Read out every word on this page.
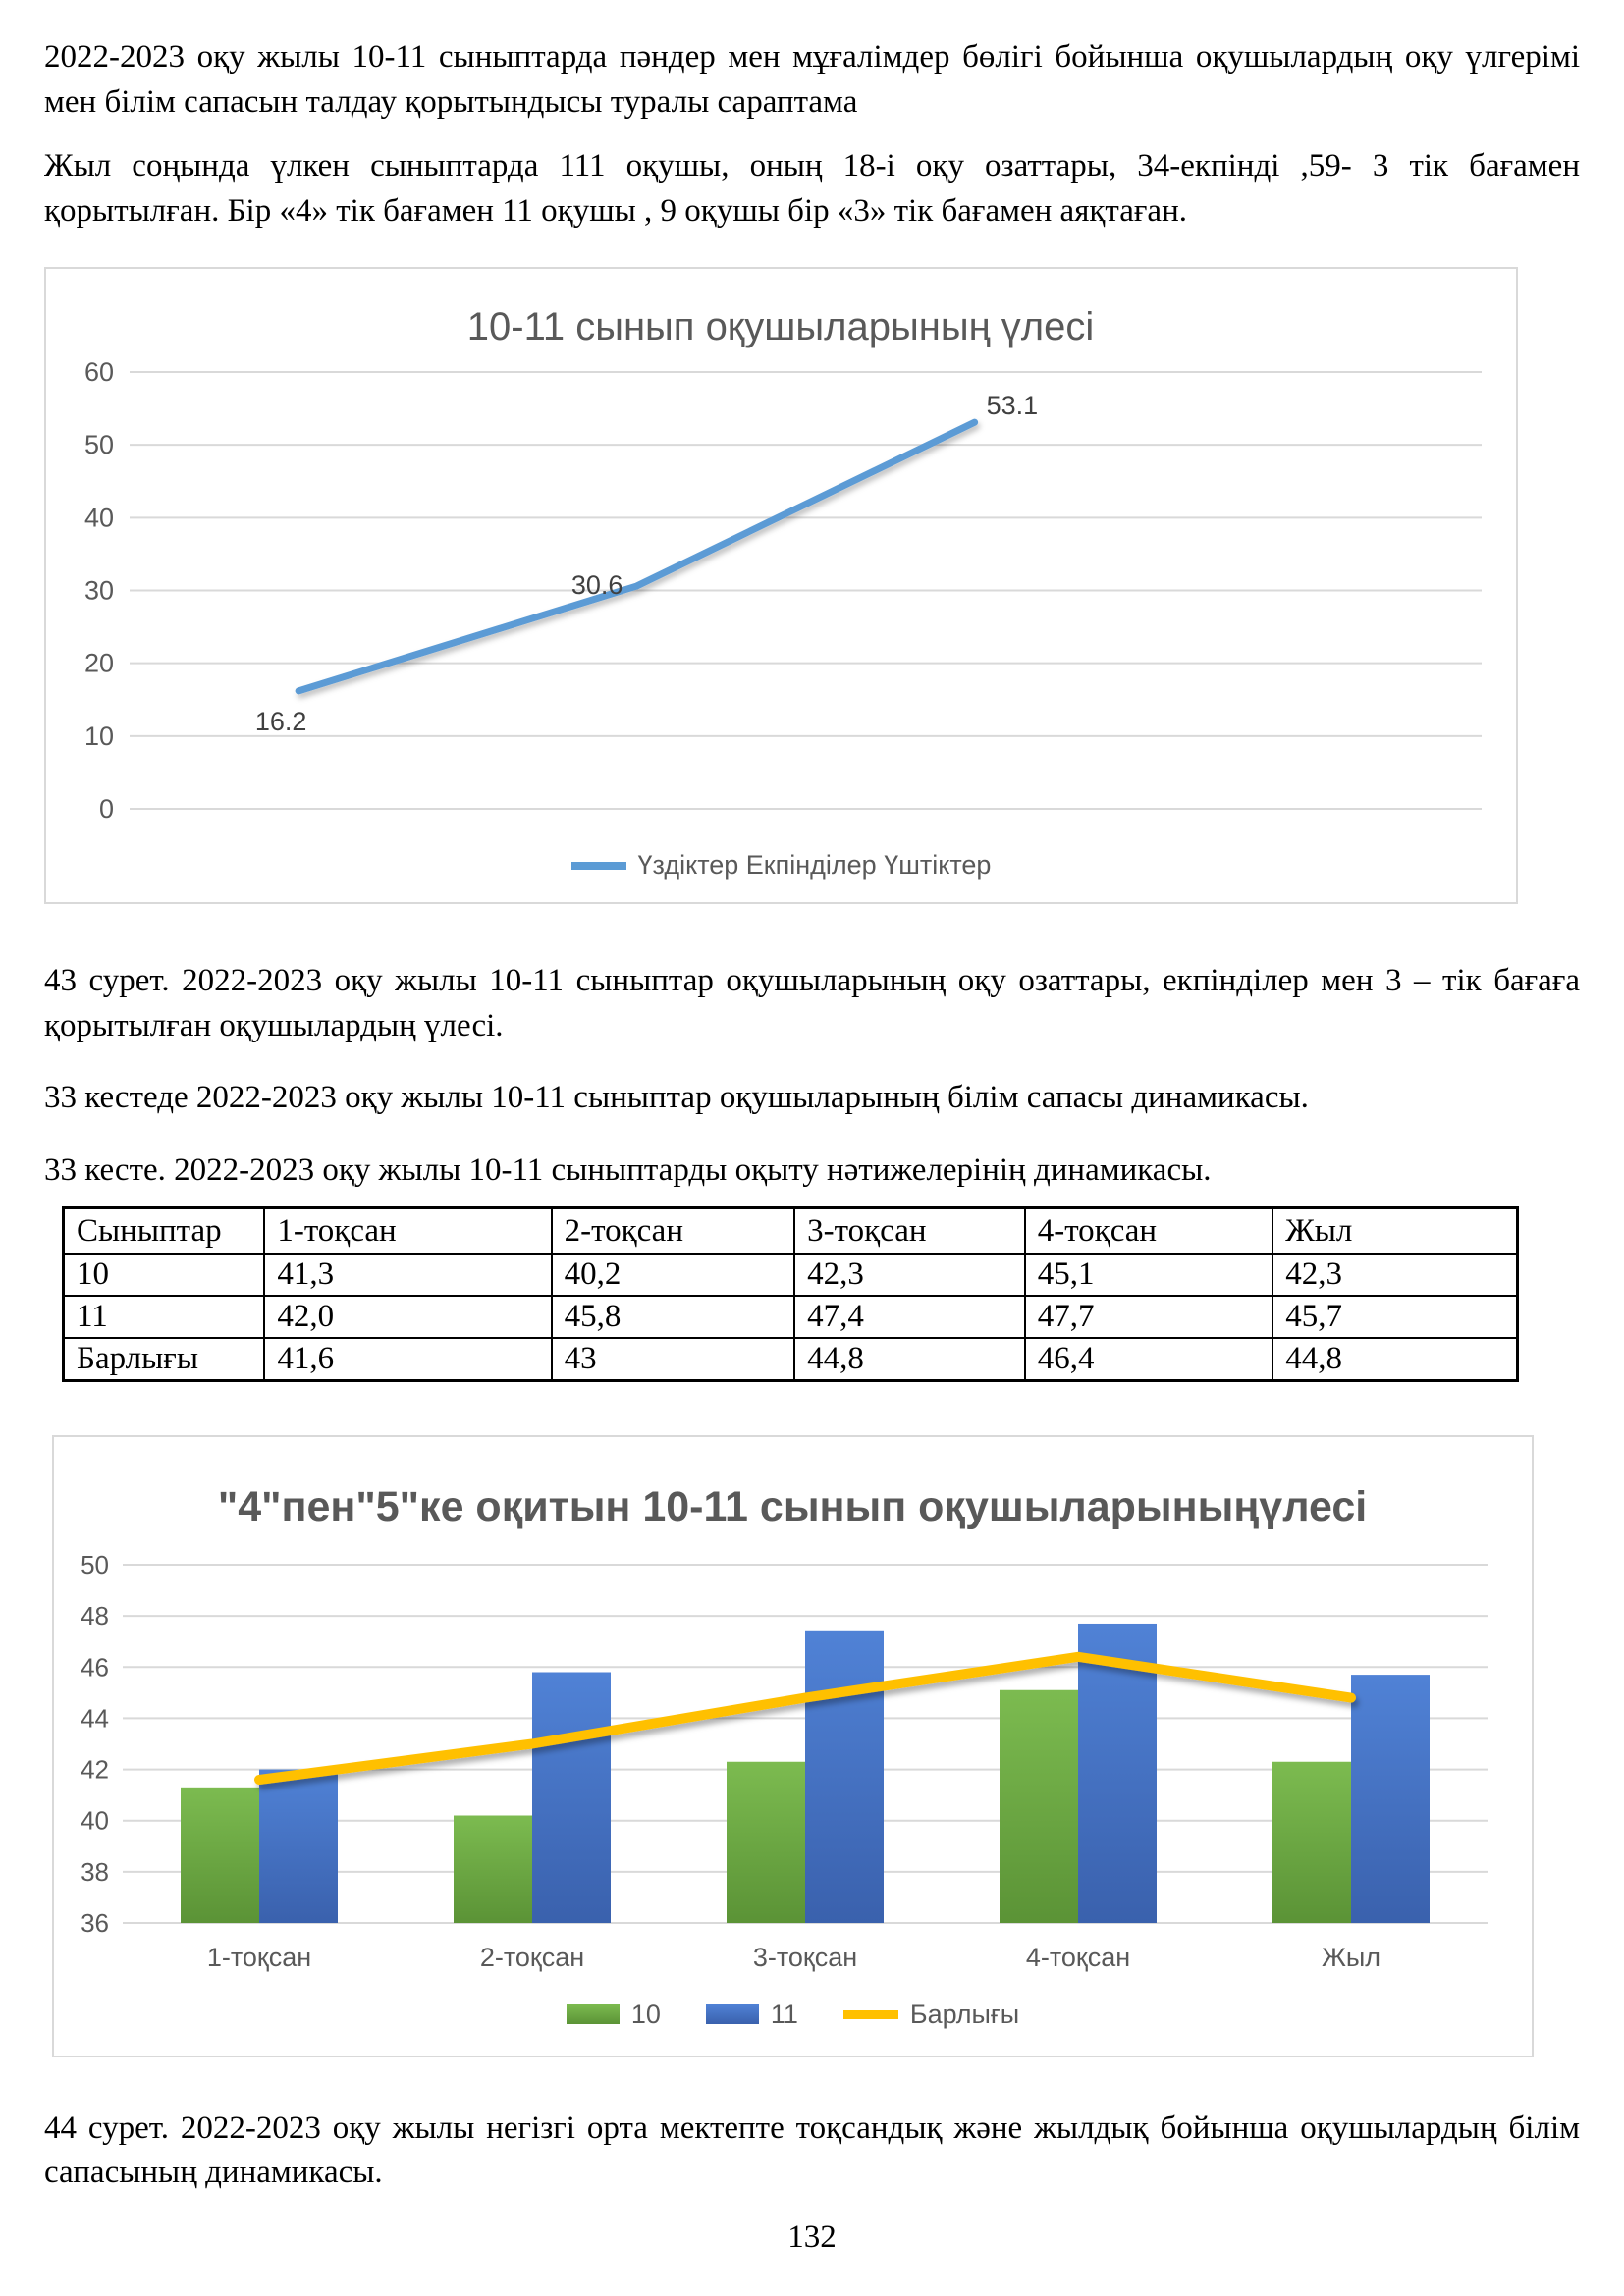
2022-2023 оқу жылы 10-11 сыныптарда пәндер мен мұғалімдер бөлігі бойынша оқушылардың оқу үлгерімі мен білім сапасын талдау қорытындысы туралы сараптама

Жыл соңында үлкен сыныптарда 111 оқушы, оның 18-і оқу озаттары, 34-екпінді ,59- 3 тік бағамен қорытылған. Бір «4» тік бағамен 11 оқушы , 9 оқушы бір «3» тік бағамен аяқтаған.

10-11 сынып оқушыларының үлесі
0
10
20
30
40
50
60
16.2
30.6
53.1
Үздіктер Екпінділер Үштіктер

43 сурет. 2022-2023 оқу жылы 10-11 сыныптар оқушыларының оқу озаттары, екпінділер мен 3 – тік бағаға қорытылған оқушылардың үлесі.

33 кестеде 2022-2023 оқу жылы 10-11 сыныптар оқушыларының білім сапасы динамикасы.

33 кесте. 2022-2023 оқу жылы 10-11 сыныптарды оқыту нәтижелерінің динамикасы.

Сыныптар	1-тоқсан	2-тоқсан	3-тоқсан	4-тоқсан	Жыл
10	41,3	40,2	42,3	45,1	42,3
11	42,0	45,8	47,4	47,7	45,7
Барлығы	41,6	43	44,8	46,4	44,8
"4"пен"5"ке оқитын 10-11 сынып оқушыларыныңүлесі
36
38
40
42
44
46
48
50
1-тоқсан	2-тоқсан	3-тоқсан	4-тоқсан	Жыл
10	11	Барлығы

44 сурет. 2022-2023 оқу жылы негізгі орта мектепте тоқсандық және жылдық бойынша оқушылардың білім сапасының динамикасы.

132
